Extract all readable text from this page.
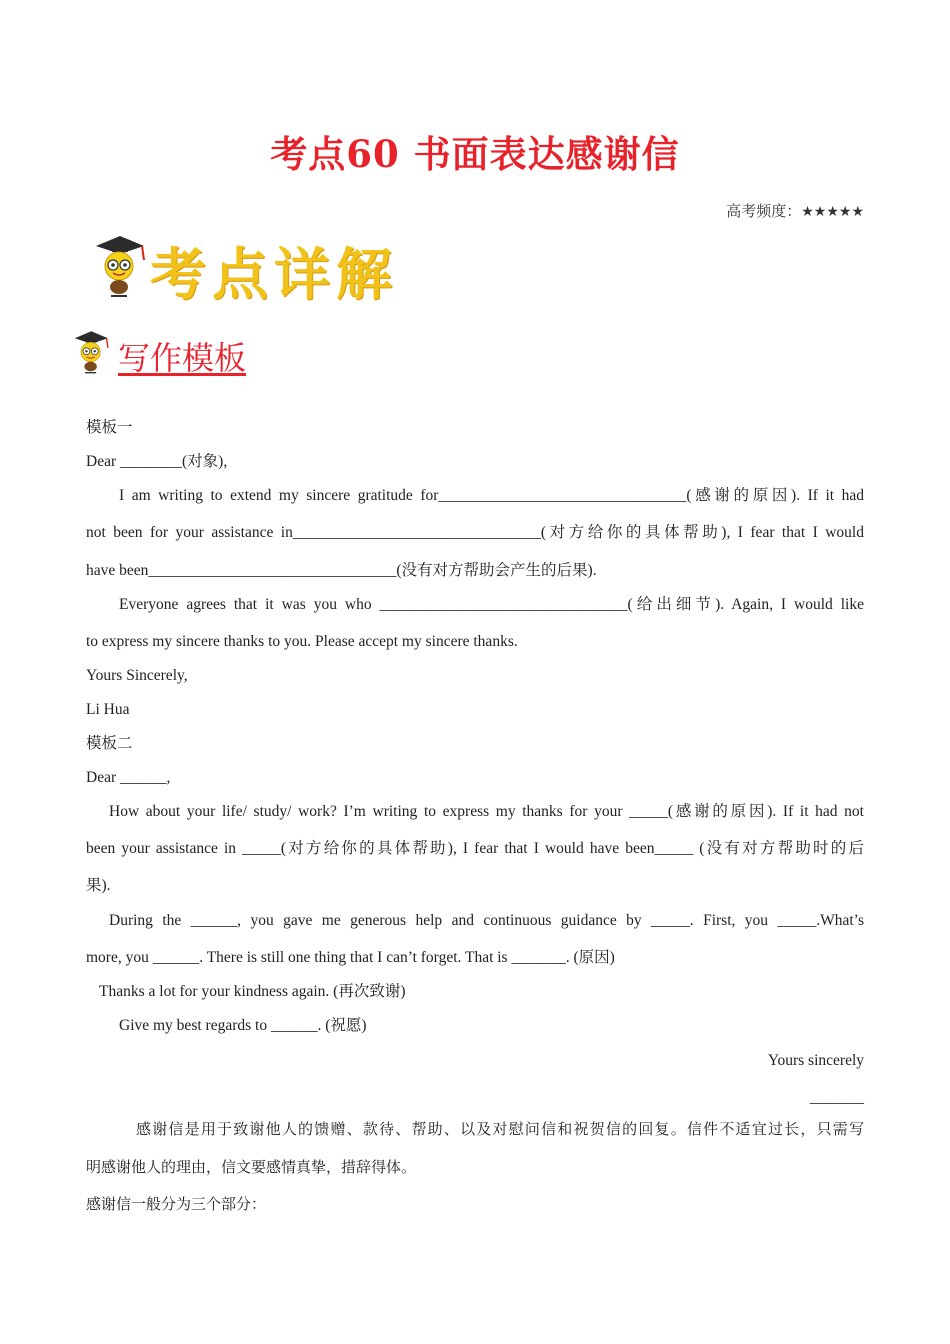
考点60 书面表达感谢信
高考频度：★★★★★
考点详解
写作模板
模板一
Dear ________(对象),
I am writing to extend my sincere gratitude for________________________________(感谢的原因). If it had
not been for your assistance in________________________________(对方给你的具体帮助), I fear that I would
have been________________________________(没有对方帮助会产生的后果).
Everyone agrees that it was you who ________________________________(给出细节). Again, I would like
to express my sincere thanks to you. Please accept my sincere thanks.
Yours Sincerely,
Li Hua
模板二
Dear ______,
How about your life/ study/ work? I’m writing to express my thanks for your _____(感谢的原因). If it had not
been your assistance in _____(对方给你的具体帮助), I fear that I would have been_____ (没有对方帮助时的后
果).
During the ______, you gave me generous help and continuous guidance by _____. First, you _____.What’s
more, you ______. There is still one thing that I can’t forget. That is _______. (原因)
Thanks a lot for your kindness again. (再次致谢)
Give my best regards to ______. (祝愿)
Yours sincerely
_______
感谢信是用于致谢他人的馈赠、款待、帮助、以及对慰问信和祝贺信的回复。信件不适宜过长，只需写
明感谢他人的理由，信文要感情真挚，措辞得体。
感谢信一般分为三个部分：
